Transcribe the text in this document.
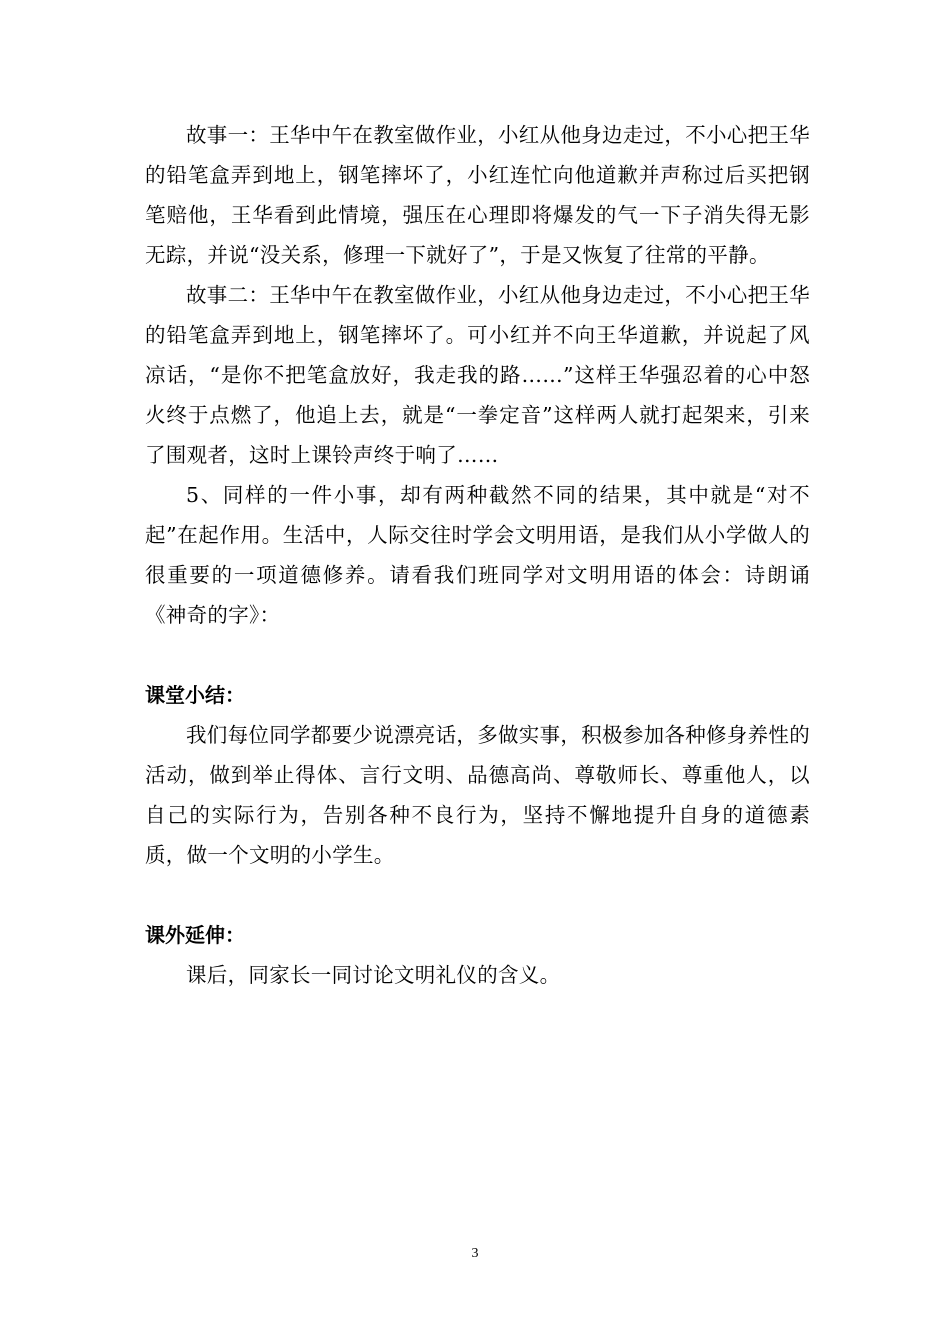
故事一：王华中午在教室做作业，小红从他身边走过，不小心把王华的铅笔盒弄到地上，钢笔摔坏了，小红连忙向他道歉并声称过后买把钢笔赔他，王华看到此情境，强压在心理即将爆发的气一下子消失得无影无踪，并说“没关系，修理一下就好了”，于是又恢复了往常的平静。

故事二：王华中午在教室做作业，小红从他身边走过，不小心把王华的铅笔盒弄到地上，钢笔摔坏了。可小红并不向王华道歉，并说起了风凉话，“是你不把笔盒放好，我走我的路……”这样王华强忍着的心中怒火终于点燃了，他追上去，就是“一拳定音”这样两人就打起架来，引来了围观者，这时上课铃声终于响了……

5、同样的一件小事，却有两种截然不同的结果，其中就是“对不起”在起作用。生活中，人际交往时学会文明用语，是我们从小学做人的很重要的一项道德修养。请看我们班同学对文明用语的体会：诗朗诵《神奇的字》：

课堂小结：

我们每位同学都要少说漂亮话，多做实事，积极参加各种修身养性的活动，做到举止得体、言行文明、品德高尚、尊敬师长、尊重他人，以自己的实际行为，告别各种不良行为，坚持不懈地提升自身的道德素质，做一个文明的小学生。

课外延伸：

课后，同家长一同讨论文明礼仪的含义。

3
